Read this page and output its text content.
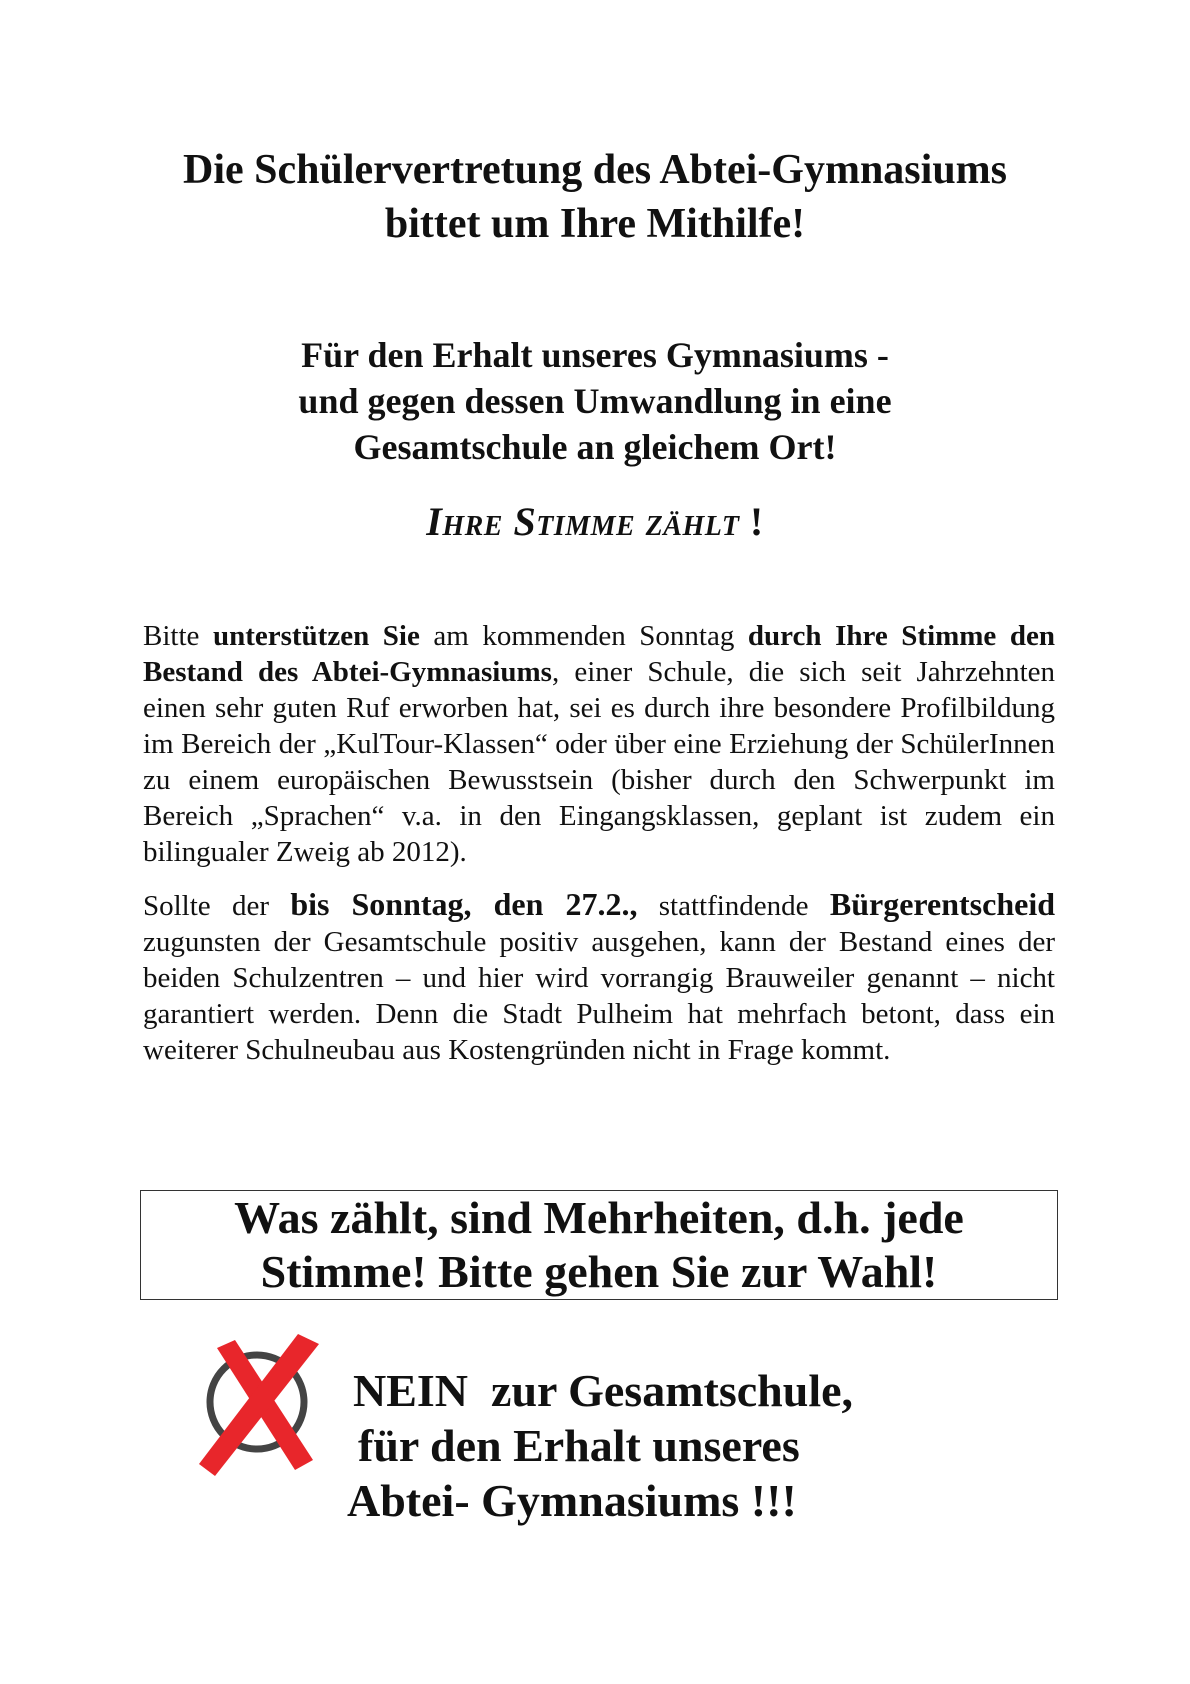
Die Schülervertretung des Abtei-Gymnasiums
bittet um Ihre Mithilfe!
Für den Erhalt unseres Gymnasiums -
und gegen dessen Umwandlung in eine
Gesamtschule an gleichem Ort!
Ihre Stimme zählt !

Bitte unterstützen Sie am kommenden Sonntag durch Ihre Stimme den Bestand des Abtei-Gymnasiums, einer Schule, die sich seit Jahrzehnten einen sehr guten Ruf erworben hat, sei es durch ihre besondere Profilbildung im Bereich der „KulTour-Klassen“ oder über eine Erziehung der SchülerInnen zu einem europäischen Bewusstsein (bisher durch den Schwerpunkt im Bereich „Sprachen“ v.a. in den Eingangsklassen, geplant ist zudem ein bilingualer Zweig ab 2012).

Sollte der bis Sonntag, den 27.2., stattfindende Bürgerentscheid zugunsten der Gesamtschule positiv ausgehen, kann der Bestand eines der beiden Schulzentren – und hier wird vorrangig Brauweiler genannt – nicht garantiert werden. Denn die Stadt Pulheim hat mehrfach betont, dass ein weiterer Schulneubau aus Kostengründen nicht in Frage kommt.

Was zählt, sind Mehrheiten, d.h. jede
Stimme! Bitte gehen Sie zur Wahl!
NEIN  zur Gesamtschule,
für den Erhalt unseres
Abtei- Gymnasiums !!!
